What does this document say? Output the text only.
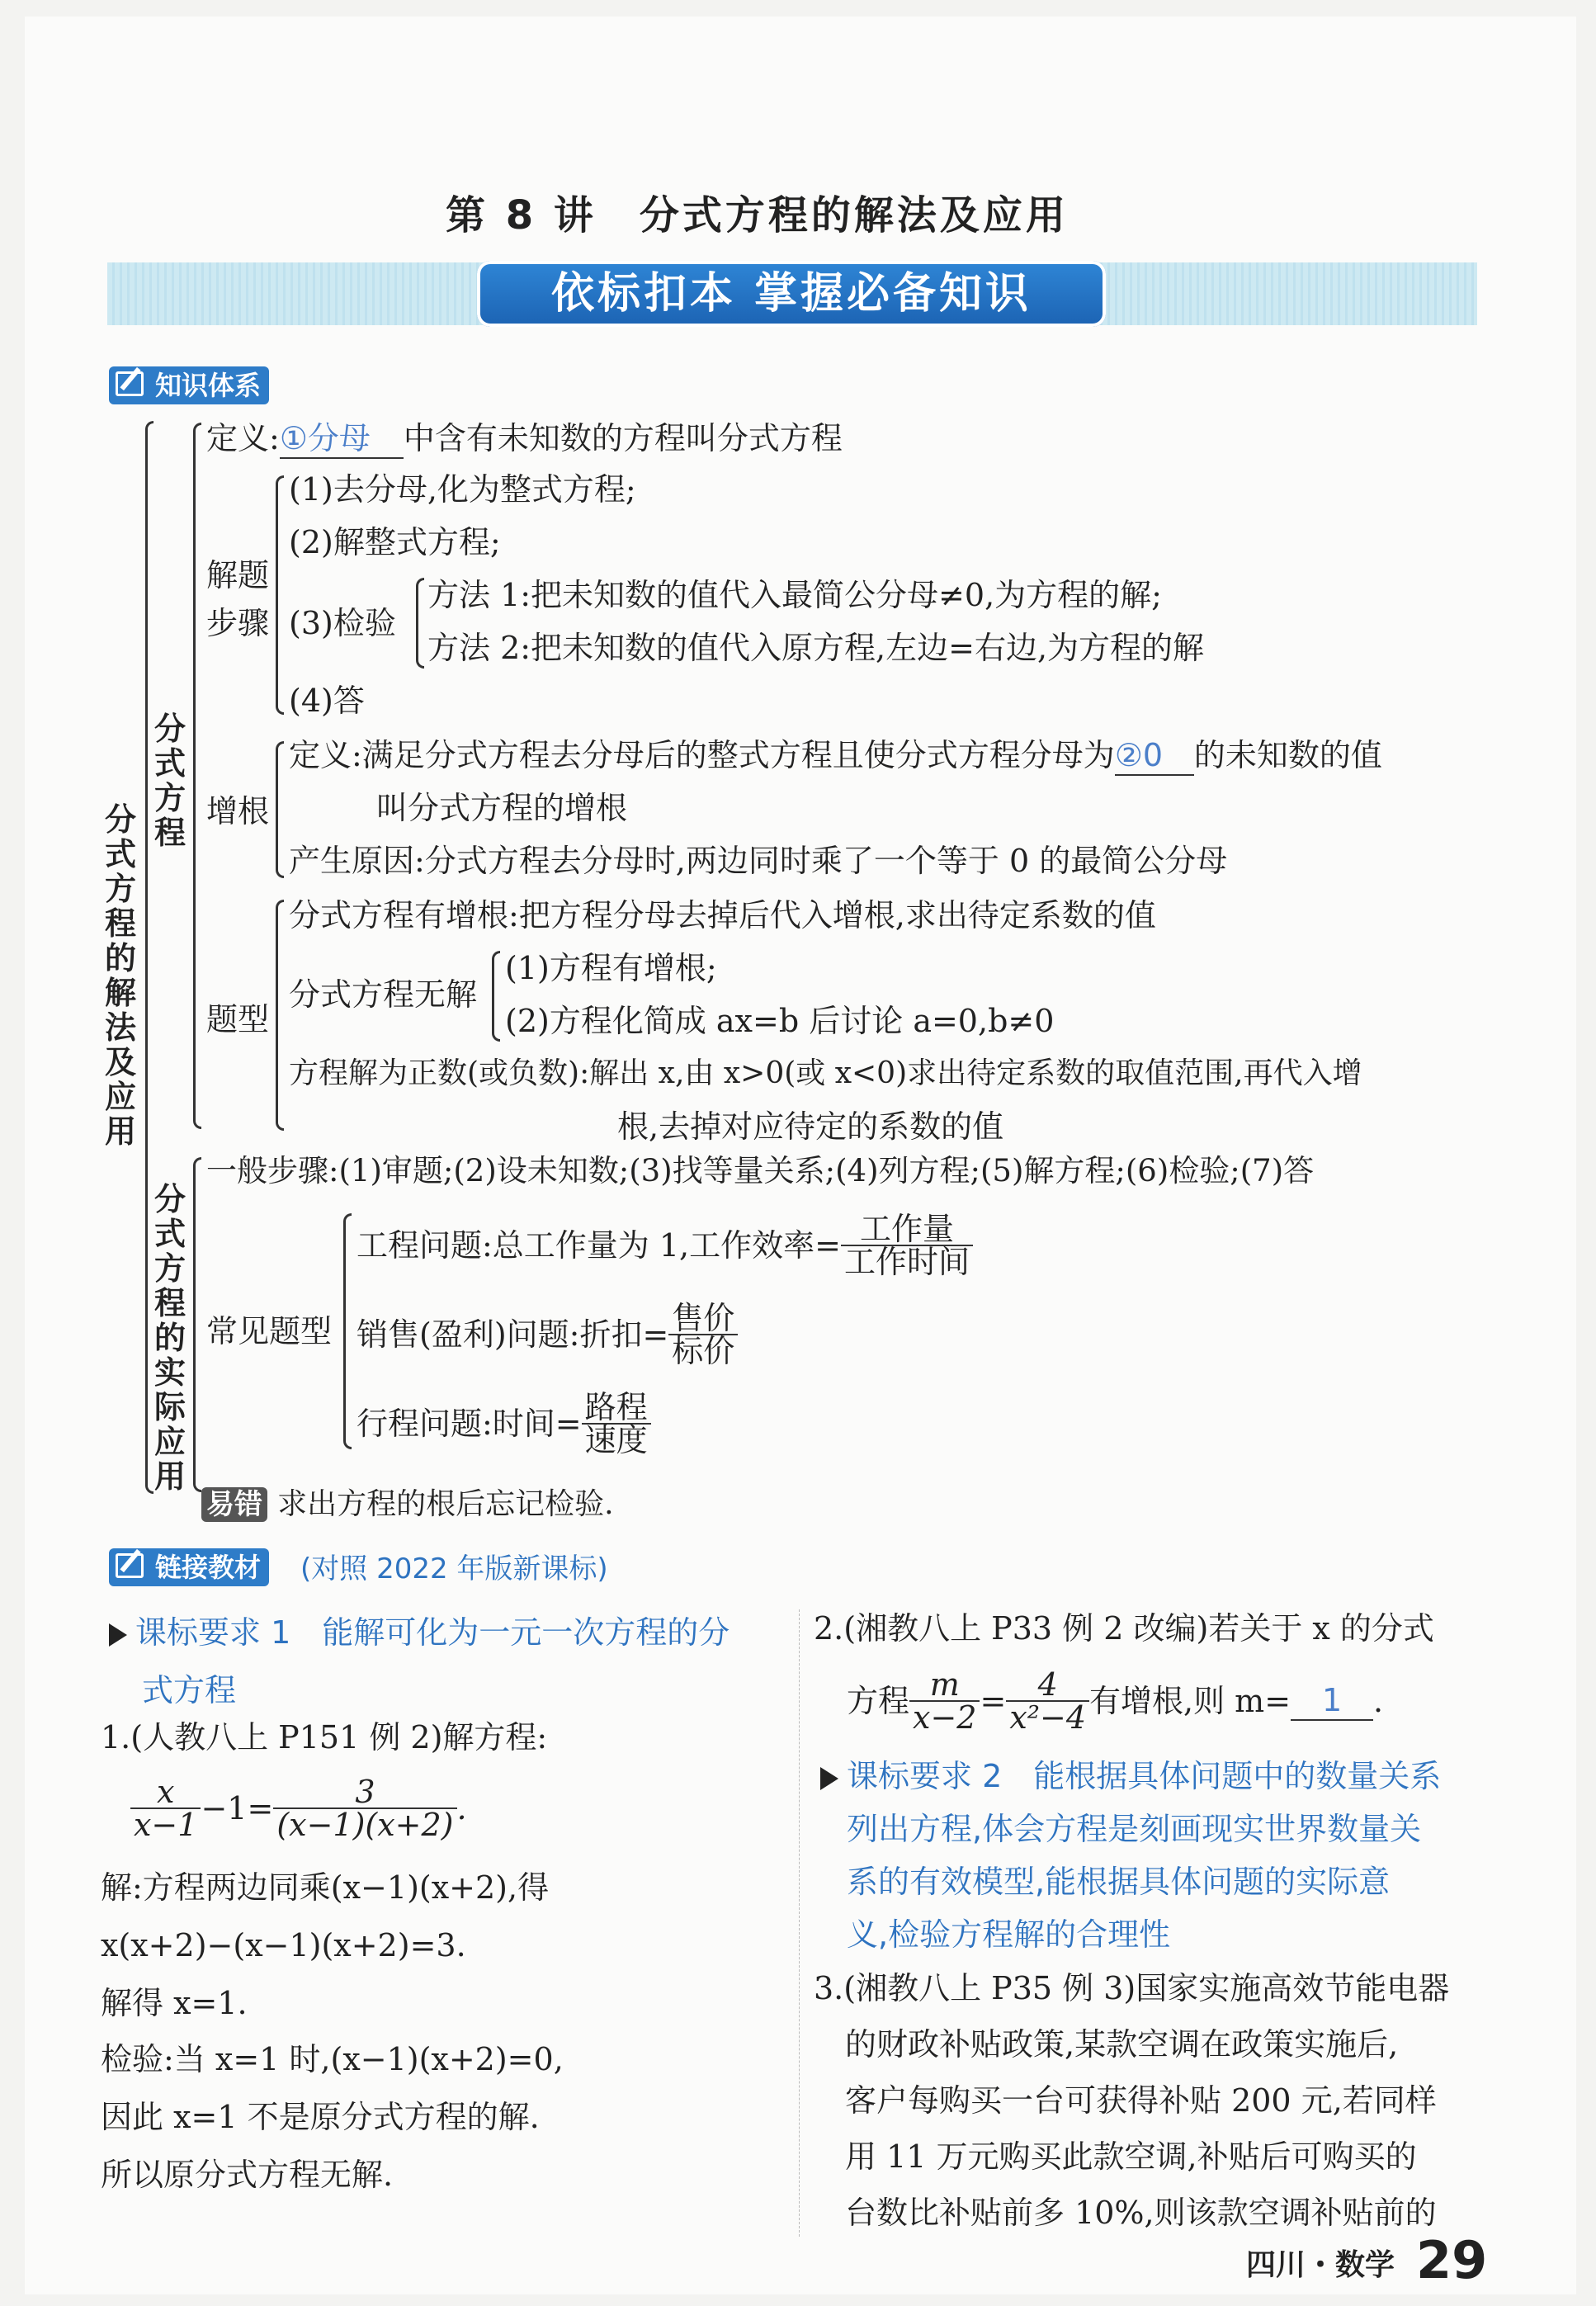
第 8 讲　分式方程的解法及应用
依标扣本 掌握必备知识
知识体系
分式方程的解法及应用
分式方程
定义:①分母 中含有未知数的方程叫分式方程
解题步骤
(1)去分母,化为整式方程;
(2)解整式方程;
(3)检验
方法 1:把未知数的值代入最简公分母≠0,为方程的解;
方法 2:把未知数的值代入原方程,左边=右边,为方程的解
(4)答
增根
定义:满足分式方程去分母后的整式方程且使分式方程分母为②0 的未知数的值
叫分式方程的增根
产生原因:分式方程去分母时,两边同时乘了一个等于 0 的最简公分母
题型
分式方程有增根:把方程分母去掉后代入增根,求出待定系数的值
分式方程无解
(1)方程有增根;
(2)方程化简成 ax=b 后讨论 a=0,b≠0
方程解为正数(或负数):解出 x,由 x>0(或 x<0)求出待定系数的取值范围,再代入增
根,去掉对应待定的系数的值
分式方程的实际应用
一般步骤:(1)审题;(2)设未知数;(3)找等量关系;(4)列方程;(5)解方程;(6)检验;(7)答
常见题型
工程问题:总工作量为 1,工作效率= $\frac{\text{工作量}}{\text{工作时间}}$
销售(盈利)问题:折扣= $\frac{\text{售价}}{\text{标价}}$
行程问题:时间= $\frac{\text{路程}}{\text{速度}}$
易错 求出方程的根后忘记检验.
链接教材 (对照 2022 年版新课标)
课标要求 1　能解可化为一元一次方程的分
式方程
1.(人教八上 P151 例 2)解方程:
$\frac{x}{x-1} -1= \frac{3}{(x-1)(x+2)}$ .
解:方程两边同乘(x−1)(x+2),得
x(x+2)−(x−1)(x+2)=3.
解得 x=1.
检验:当 x=1 时,(x−1)(x+2)=0,
因此 x=1 不是原分式方程的解.
所以原分式方程无解.
2.(湘教八上 P33 例 2 改编)若关于 x 的分式
方程 $\frac{m}{x-2} = \frac{4}{\text{x²−4}}$ 有增根,则 m= 1 .
课标要求 2　能根据具体问题中的数量关系
列出方程,体会方程是刻画现实世界数量关
系的有效模型,能根据具体问题的实际意
义,检验方程解的合理性
3.(湘教八上 P35 例 3)国家实施高效节能电器
的财政补贴政策,某款空调在政策实施后,
客户每购买一台可获得补贴 200 元,若同样
用 11 万元购买此款空调,补贴后可购买的
台数比补贴前多 10%,则该款空调补贴前的
四川・数学 29
